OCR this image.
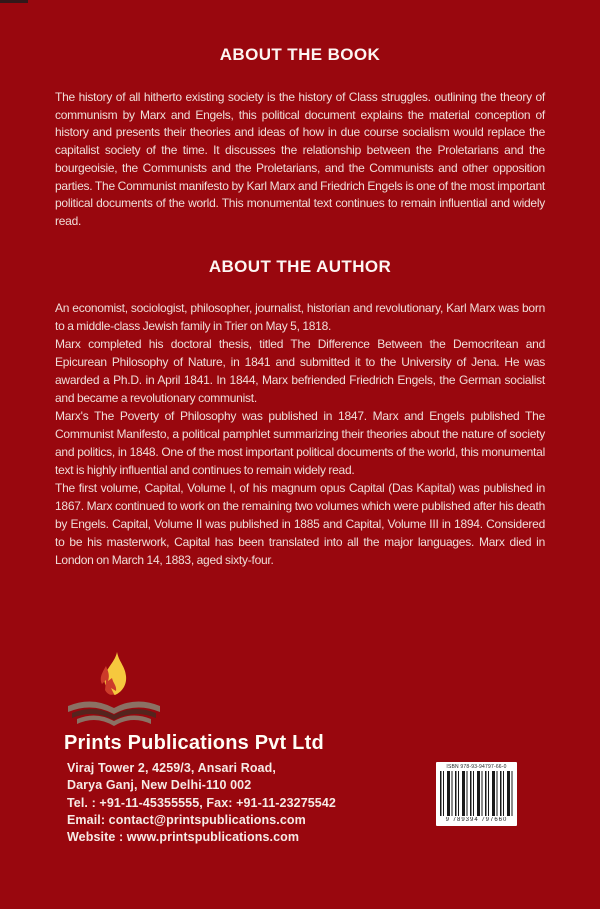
ABOUT THE BOOK
The history of all hitherto existing society is the history of Class struggles. outlining the theory of communism by Marx and Engels, this political document explains the material conception of history and presents their theories and ideas of how in due course socialism would replace the capitalist society of the time. It discusses the relationship between the Proletarians and the bourgeoisie, the Communists and the Proletarians, and the Communists and other opposition parties. The Communist manifesto by Karl Marx and Friedrich Engels is one of the most important political documents of the world. This monumental text continues to remain influential and widely read.
ABOUT THE AUTHOR

An economist, sociologist, philosopher, journalist, historian and revolutionary, Karl Marx was born to a middle-class Jewish family in Trier on May 5, 1818.

Marx completed his doctoral thesis, titled The Difference Between the Democritean and Epicurean Philosophy of Nature, in 1841 and submitted it to the University of Jena. He was awarded a Ph.D. in April 1841. In 1844, Marx befriended Friedrich Engels, the German socialist and became a revolutionary communist.

Marx's The Poverty of Philosophy was published in 1847. Marx and Engels published The Communist Manifesto, a political pamphlet summarizing their theories about the nature of society and politics, in 1848. One of the most important political documents of the world, this monumental text is highly influential and continues to remain widely read.

The first volume, Capital, Volume I, of his magnum opus Capital (Das Kapital) was published in 1867. Marx continued to work on the remaining two volumes which were published after his death by Engels. Capital, Volume II was published in 1885 and Capital, Volume III in 1894. Considered to be his masterwork, Capital has been translated into all the major languages. Marx died in London on March 14, 1883, aged sixty-four.

Prints Publications Pvt Ltd
Viraj Tower 2, 4259/3, Ansari Road,
Darya Ganj, New Delhi-110 002
Tel. : +91-11-45355555, Fax: +91-11-23275542
Email: contact@printspublications.com
Website : www.printspublications.com
ISBN 978-93-94797-66-0
9 789394 797660
